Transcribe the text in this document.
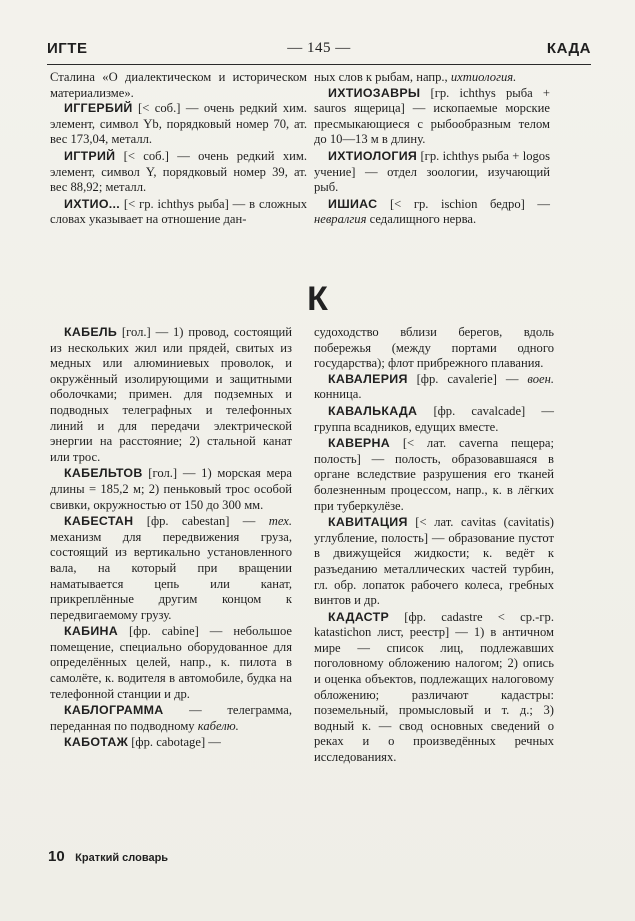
ИГТЕ	— 145 —	КАДА

Сталина «О диалектическом и историческом материализме».

ИГГЕРБИЙ [< соб.] — очень редкий хим. элемент, символ Yb, порядковый номер 70, ат. вес 173,04, металл.

ИГТРИЙ [< соб.] — очень редкий хим. элемент, символ Y, порядковый номер 39, ат. вес 88,92; металл.

ИХТИО... [< гр. ichthys рыба] — в сложных словах указывает на отношение дан-

ных слов к рыбам, напр., ихтиология.

ИХТИОЗАВРЫ [гр. ichthys рыба + sauros ящерица] — ископаемые морские пресмыкающиеся с рыбообразным телом до 10—13 м в длину.

ИХТИОЛОГИЯ [гр. ichthys рыба + logos учение] — отдел зоологии, изучающий рыб.

ИШИАС [< гр. ischion бедро] — невралгия седалищного нерва.

К

КАБЕЛЬ [гол.] — 1) провод, состоящий из нескольких жил или прядей, свитых из медных или алюминиевых проволок, и окружённый изолирующими и защитными оболочками; примен. для подземных и подводных телеграфных и телефонных линий и для передачи электрической энергии на расстояние; 2) стальной канат или трос.

КАБЕЛЬТОВ [гол.] — 1) морская мера длины = 185,2 м; 2) пеньковый трос особой свивки, окружностью от 150 до 300 мм.

КАБЕСТАН [фр. cabestan] — тех. механизм для передвижения груза, состоящий из вертикально установленного вала, на который при вращении наматывается цепь или канат, прикреплённые другим концом к передвигаемому грузу.

КАБИНА [фр. cabine] — небольшое помещение, специально оборудованное для определённых целей, напр., к. пилота в самолёте, к. водителя в автомобиле, будка на телефонной станции и др.

КАБЛОГРАММА — телеграмма, переданная по подводному кабелю.

КАБОТАЖ [фр. cabotage] —

судоходство вблизи берегов, вдоль побережья (между портами одного государства); флот прибрежного плавания.

КАВАЛЕРИЯ [фр. cavalerie] — воен. конница.

КАВАЛЬКАДА [фр. cavalcade] — группа всадников, едущих вместе.

КАВЕРНА [< лат. caverna пещера; полость] — полость, образовавшаяся в органе вследствие разрушения его тканей болезненным процессом, напр., к. в лёгких при туберкулёзе.

КАВИТАЦИЯ [< лат. cavitas (cavitatis) углубление, полость] — образование пустот в движущейся жидкости; к. ведёт к разъеданию металлических частей турбин, гл. обр. лопаток рабочего колеса, гребных винтов и др.

КАДАСТР [фр. cadastre < ср.-гр. katastichon лист, реестр] — 1) в античном мире — список лиц, подлежавших поголовному обложению налогом; 2) опись и оценка объектов, подлежащих налоговому обложению; различают кадастры: поземельный, промысловый и т. д.; 3) водный к. — свод основных сведений о реках и о произведённых речных исследованиях.

10 Краткий словарь
